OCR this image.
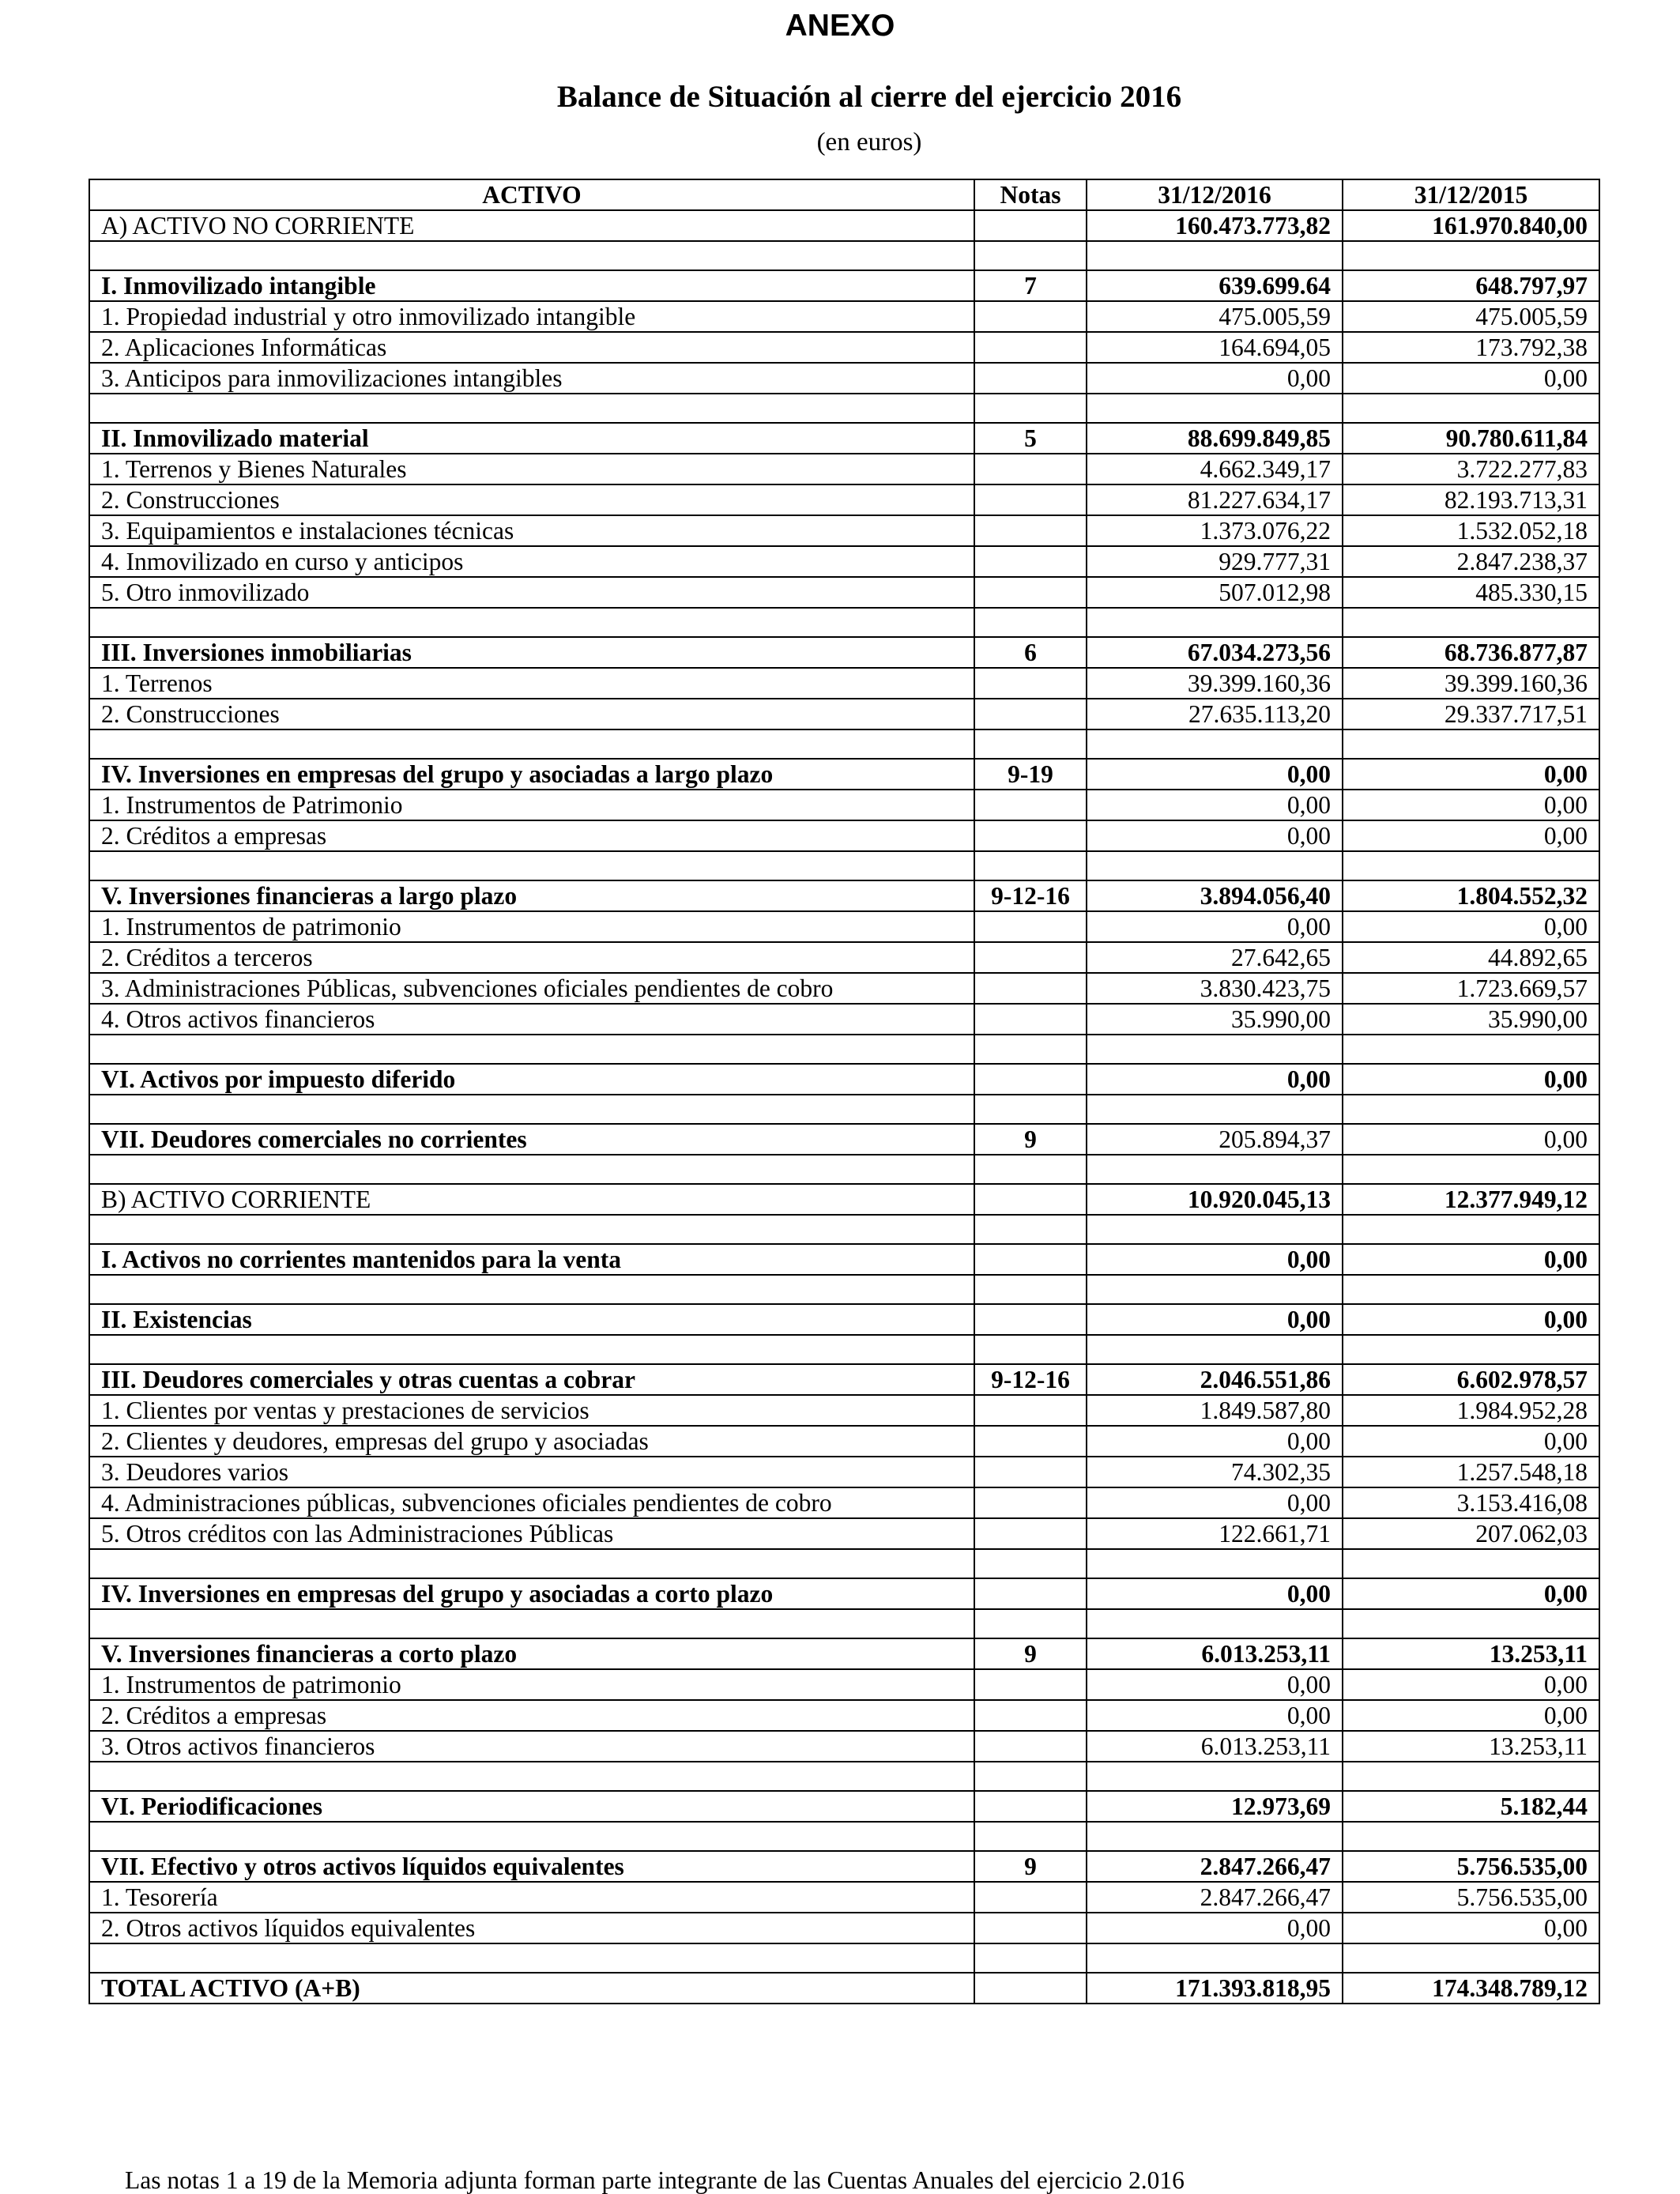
ANEXO
Balance de Situación al cierre del ejercicio 2016
(en euros)
ACTIVO	Notas	31/12/2016	31/12/2015
A) ACTIVO NO CORRIENTE		160.473.773,82	161.970.840,00

I. Inmovilizado intangible	7	639.699.64	648.797,97
1. Propiedad industrial y otro inmovilizado intangible		475.005,59	475.005,59
2. Aplicaciones Informáticas		164.694,05	173.792,38
3. Anticipos para inmovilizaciones intangibles		0,00	0,00

II. Inmovilizado material	5	88.699.849,85	90.780.611,84
1. Terrenos y Bienes Naturales		4.662.349,17	3.722.277,83
2. Construcciones		81.227.634,17	82.193.713,31
3. Equipamientos e instalaciones técnicas		1.373.076,22	1.532.052,18
4. Inmovilizado en curso y anticipos		929.777,31	2.847.238,37
5. Otro inmovilizado		507.012,98	485.330,15

III. Inversiones inmobiliarias	6	67.034.273,56	68.736.877,87
1. Terrenos		39.399.160,36	39.399.160,36
2. Construcciones		27.635.113,20	29.337.717,51

IV. Inversiones en empresas del grupo y asociadas a largo plazo	9-19	0,00	0,00
1. Instrumentos de Patrimonio		0,00	0,00
2. Créditos a empresas		0,00	0,00

V. Inversiones financieras a largo plazo	9-12-16	3.894.056,40	1.804.552,32
1. Instrumentos de patrimonio		0,00	0,00
2. Créditos a terceros		27.642,65	44.892,65
3. Administraciones Públicas, subvenciones oficiales pendientes de cobro		3.830.423,75	1.723.669,57
4. Otros activos financieros		35.990,00	35.990,00

VI. Activos por impuesto diferido		0,00	0,00

VII. Deudores comerciales no corrientes	9	205.894,37	0,00

B) ACTIVO CORRIENTE		10.920.045,13	12.377.949,12

I. Activos no corrientes mantenidos para la venta		0,00	0,00

II. Existencias		0,00	0,00

III. Deudores comerciales y otras cuentas a cobrar	9-12-16	2.046.551,86	6.602.978,57
1. Clientes por ventas y prestaciones de servicios		1.849.587,80	1.984.952,28
2. Clientes y deudores, empresas del grupo y asociadas		0,00	0,00
3. Deudores varios		74.302,35	1.257.548,18
4. Administraciones públicas, subvenciones oficiales pendientes de cobro		0,00	3.153.416,08
5. Otros créditos con las Administraciones Públicas		122.661,71	207.062,03

IV. Inversiones en empresas del grupo y asociadas a corto plazo		0,00	0,00

V. Inversiones financieras a corto plazo	9	6.013.253,11	13.253,11
1. Instrumentos de patrimonio		0,00	0,00
2. Créditos a empresas		0,00	0,00
3. Otros activos financieros		6.013.253,11	13.253,11

VI. Periodificaciones		12.973,69	5.182,44

VII. Efectivo y otros activos líquidos equivalentes	9	2.847.266,47	5.756.535,00
1. Tesorería		2.847.266,47	5.756.535,00
2. Otros activos líquidos equivalentes		0,00	0,00

TOTAL ACTIVO (A+B)		171.393.818,95	174.348.789,12
Las notas 1 a 19 de la Memoria adjunta forman parte integrante de las Cuentas Anuales del ejercicio 2.016
